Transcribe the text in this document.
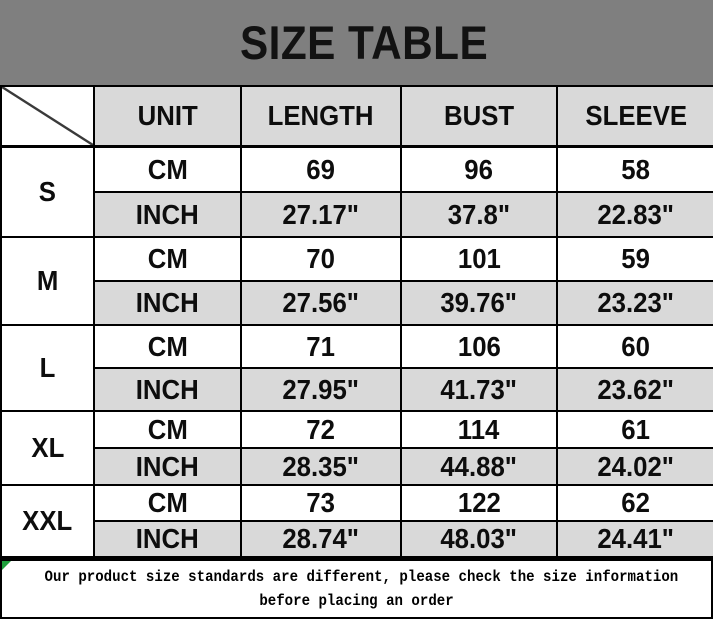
SIZE TABLE
	UNIT	LENGTH	BUST	SLEEVE
S	CM	69	96	58
	INCH	27.17"	37.8"	22.83"
M	CM	70	101	59
	INCH	27.56"	39.76"	23.23"
L	CM	71	106	60
	INCH	27.95"	41.73"	23.62"
XL	CM	72	114	61
	INCH	28.35"	44.88"	24.02"
XXL	CM	73	122	62
	INCH	28.74"	48.03"	24.41"
Our product size standards are different, please check the size information
before placing an order
